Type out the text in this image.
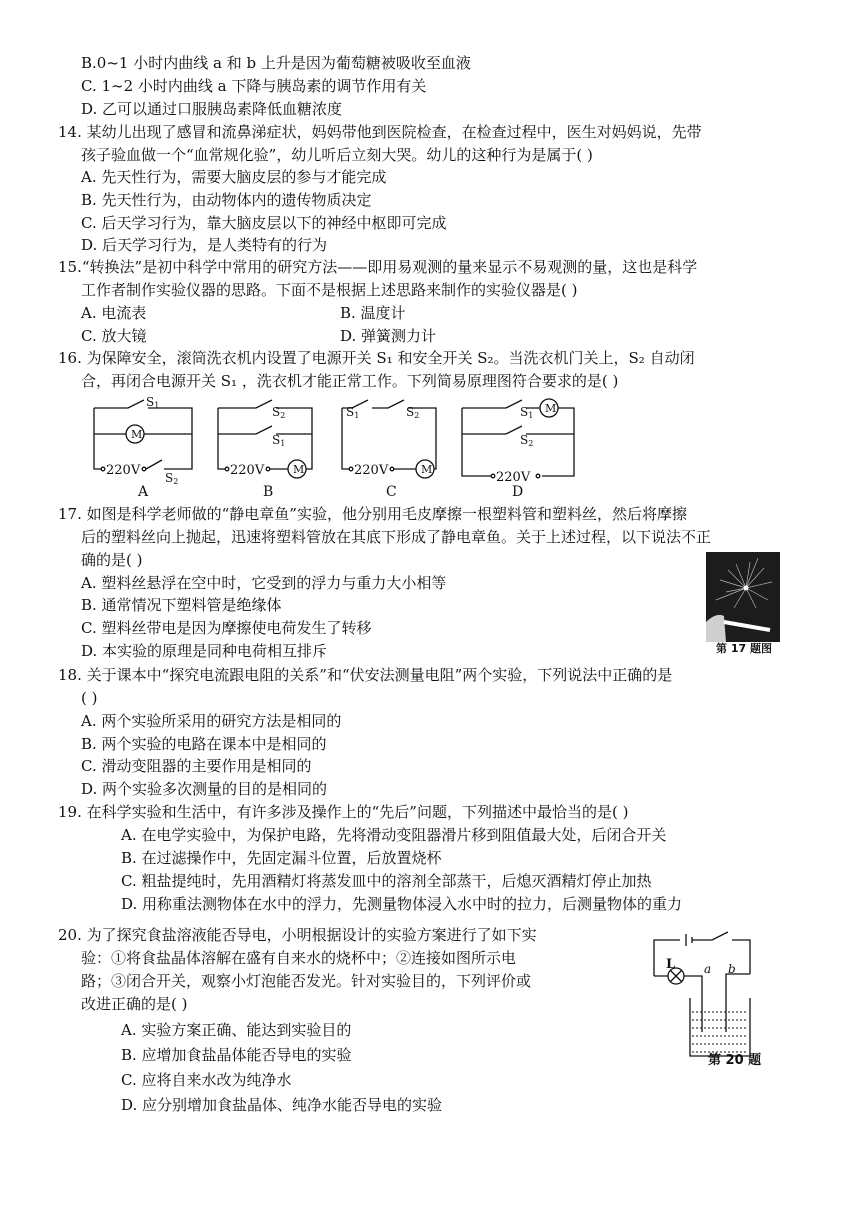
B.0~1 小时内曲线 a 和 b 上升是因为葡萄糖被吸收至血液
C. 1~2 小时内曲线 a 下降与胰岛素的调节作用有关
D. 乙可以通过口服胰岛素降低血糖浓度
14. 某幼儿出现了感冒和流鼻涕症状，妈妈带他到医院检查，在检查过程中，医生对妈妈说，先带
孩子验血做一个“血常规化验”，幼儿听后立刻大哭。幼儿的这种行为是属于( )
A. 先天性行为，需要大脑皮层的参与才能完成
B. 先天性行为，由动物体内的遗传物质决定
C. 后天学习行为，靠大脑皮层以下的神经中枢即可完成
D. 后天学习行为，是人类特有的行为
15.“转换法”是初中科学中常用的研究方法——即用易观测的量来显示不易观测的量，这也是科学
工作者制作实验仪器的思路。下面不是根据上述思路来制作的实验仪器是( )
A. 电流表	B. 温度计
C. 放大镜	D. 弹簧测力计
16. 为保障安全，滚筒洗衣机内设置了电源开关 S₁ 和安全开关 S₂。当洗衣机门关上，S₂ 自动闭
合，再闭合电源开关 S₁ ，洗衣机才能正常工作。下列简易原理图符合要求的是( )
S1
S2
S2
S1
S1	S2	S1
S2
M
M	M
M
220V	220V	220V	220V
A	B	C	D
17. 如图是科学老师做的“静电章鱼”实验，他分别用毛皮摩擦一根塑料管和塑料丝，然后将摩擦
后的塑料丝向上抛起，迅速将塑料管放在其底下形成了静电章鱼。关于上述过程，以下说法不正
确的是( )
A. 塑料丝悬浮在空中时，它受到的浮力与重力大小相等
B. 通常情况下塑料管是绝缘体
C. 塑料丝带电是因为摩擦使电荷发生了转移
D. 本实验的原理是同种电荷相互排斥	第 17 题图
18. 关于课本中“探究电流跟电阻的关系”和“伏安法测量电阻”两个实验，下列说法中正确的是
( )
A. 两个实验所采用的研究方法是相同的
B. 两个实验的电路在课本中是相同的
C. 滑动变阻器的主要作用是相同的
D. 两个实验多次测量的目的是相同的
19. 在科学实验和生活中，有许多涉及操作上的“先后”问题，下列描述中最恰当的是( )
A. 在电学实验中，为保护电路，先将滑动变阻器滑片移到阻值最大处，后闭合开关
B. 在过滤操作中，先固定漏斗位置，后放置烧杯
C. 粗盐提纯时，先用酒精灯将蒸发皿中的溶剂全部蒸干，后熄灭酒精灯停止加热
D. 用称重法测物体在水中的浮力，先测量物体浸入水中时的拉力，后测量物体的重力
20. 为了探究食盐溶液能否导电，小明根据设计的实验方案进行了如下实
验：①将食盐晶体溶解在盛有自来水的烧杯中；②连接如图所示电
路；③闭合开关，观察小灯泡能否发光。针对实验目的，下列评价或
改进正确的是( )
A. 实验方案正确、能达到实验目的
B. 应增加食盐晶体能否导电的实验
C. 应将自来水改为纯净水
D. 应分别增加食盐晶体、纯净水能否导电的实验
L a b
第 20 题
